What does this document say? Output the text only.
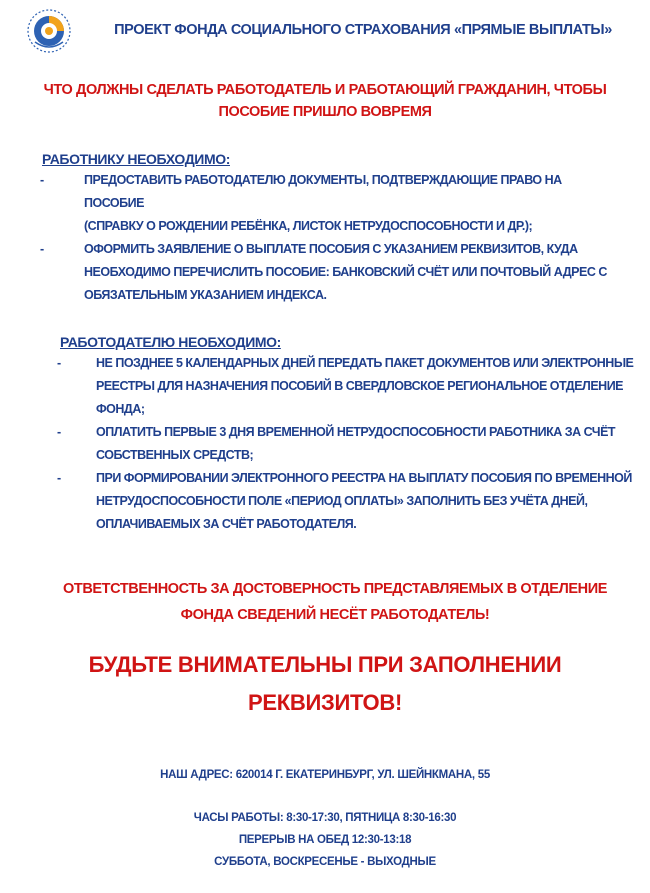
ПРОЕКТ ФОНДА СОЦИАЛЬНОГО СТРАХОВАНИЯ «ПРЯМЫЕ ВЫПЛАТЫ»
ЧТО ДОЛЖНЫ СДЕЛАТЬ РАБОТОДАТЕЛЬ И РАБОТАЮЩИЙ ГРАЖДАНИН, ЧТОБЫ
ПОСОБИЕ ПРИШЛО ВОВРЕМЯ
РАБОТНИКУ НЕОБХОДИМО:
-	ПРЕДОСТАВИТЬ РАБОТОДАТЕЛЮ ДОКУМЕНТЫ, ПОДТВЕРЖДАЮЩИЕ ПРАВО НА ПОСОБИЕ
(СПРАВКУ О РОЖДЕНИИ РЕБЁНКА, ЛИСТОК НЕТРУДОСПОСОБНОСТИ И ДР.);
-	ОФОРМИТЬ ЗАЯВЛЕНИЕ О ВЫПЛАТЕ ПОСОБИЯ С УКАЗАНИЕМ РЕКВИЗИТОВ, КУДА
НЕОБХОДИМО ПЕРЕЧИСЛИТЬ ПОСОБИЕ: БАНКОВСКИЙ СЧЁТ ИЛИ ПОЧТОВЫЙ АДРЕС С
ОБЯЗАТЕЛЬНЫМ УКАЗАНИЕМ ИНДЕКСА.
РАБОТОДАТЕЛЮ НЕОБХОДИМО:
-	НЕ ПОЗДНЕЕ 5 КАЛЕНДАРНЫХ ДНЕЙ ПЕРЕДАТЬ ПАКЕТ ДОКУМЕНТОВ ИЛИ ЭЛЕКТРОННЫЕ
РЕЕСТРЫ ДЛЯ НАЗНАЧЕНИЯ ПОСОБИЙ В СВЕРДЛОВСКОЕ РЕГИОНАЛЬНОЕ ОТДЕЛЕНИЕ
ФОНДА;
-	ОПЛАТИТЬ ПЕРВЫЕ 3 ДНЯ ВРЕМЕННОЙ НЕТРУДОСПОСОБНОСТИ РАБОТНИКА ЗА СЧЁТ
СОБСТВЕННЫХ СРЕДСТВ;
-	ПРИ ФОРМИРОВАНИИ ЭЛЕКТРОННОГО РЕЕСТРА НА ВЫПЛАТУ ПОСОБИЯ ПО ВРЕМЕННОЙ
НЕТРУДОСПОСОБНОСТИ ПОЛЕ «ПЕРИОД ОПЛАТЫ» ЗАПОЛНИТЬ БЕЗ УЧЁТА ДНЕЙ,
ОПЛАЧИВАЕМЫХ ЗА СЧЁТ РАБОТОДАТЕЛЯ.
ОТВЕТСТВЕННОСТЬ ЗА ДОСТОВЕРНОСТЬ ПРЕДСТАВЛЯЕМЫХ В ОТДЕЛЕНИЕ
ФОНДА СВЕДЕНИЙ НЕСЁТ РАБОТОДАТЕЛЬ!
БУДЬТЕ ВНИМАТЕЛЬНЫ ПРИ ЗАПОЛНЕНИИ
РЕКВИЗИТОВ!
НАШ АДРЕС: 620014 Г. ЕКАТЕРИНБУРГ, УЛ. ШЕЙНКМАНА, 55
ЧАСЫ РАБОТЫ: 8:30-17:30, ПЯТНИЦА 8:30-16:30
ПЕРЕРЫВ НА ОБЕД 12:30-13:18
СУББОТА, ВОСКРЕСЕНЬЕ - ВЫХОДНЫЕ
